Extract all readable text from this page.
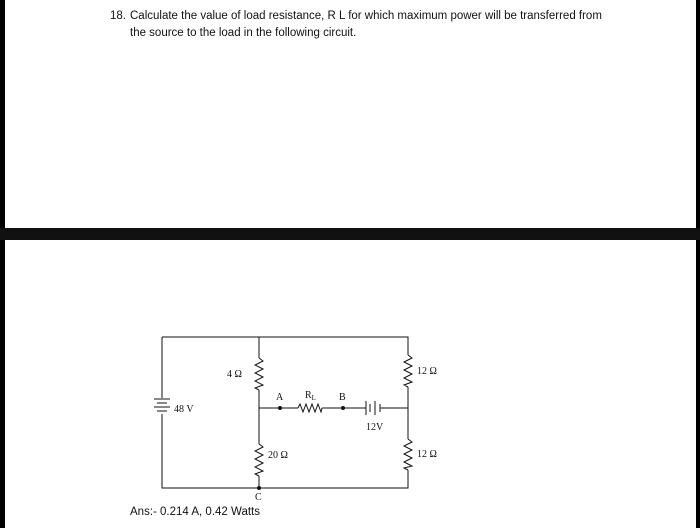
18. Calculate the value of load resistance, R L for which maximum power will be transferred from
the source to the load in the following circuit.
48 V
4 Ω
A $R_L$ B
12V
20 Ω
12 Ω
12 Ω
C
Ans:- 0.214 A, 0.42 Watts
